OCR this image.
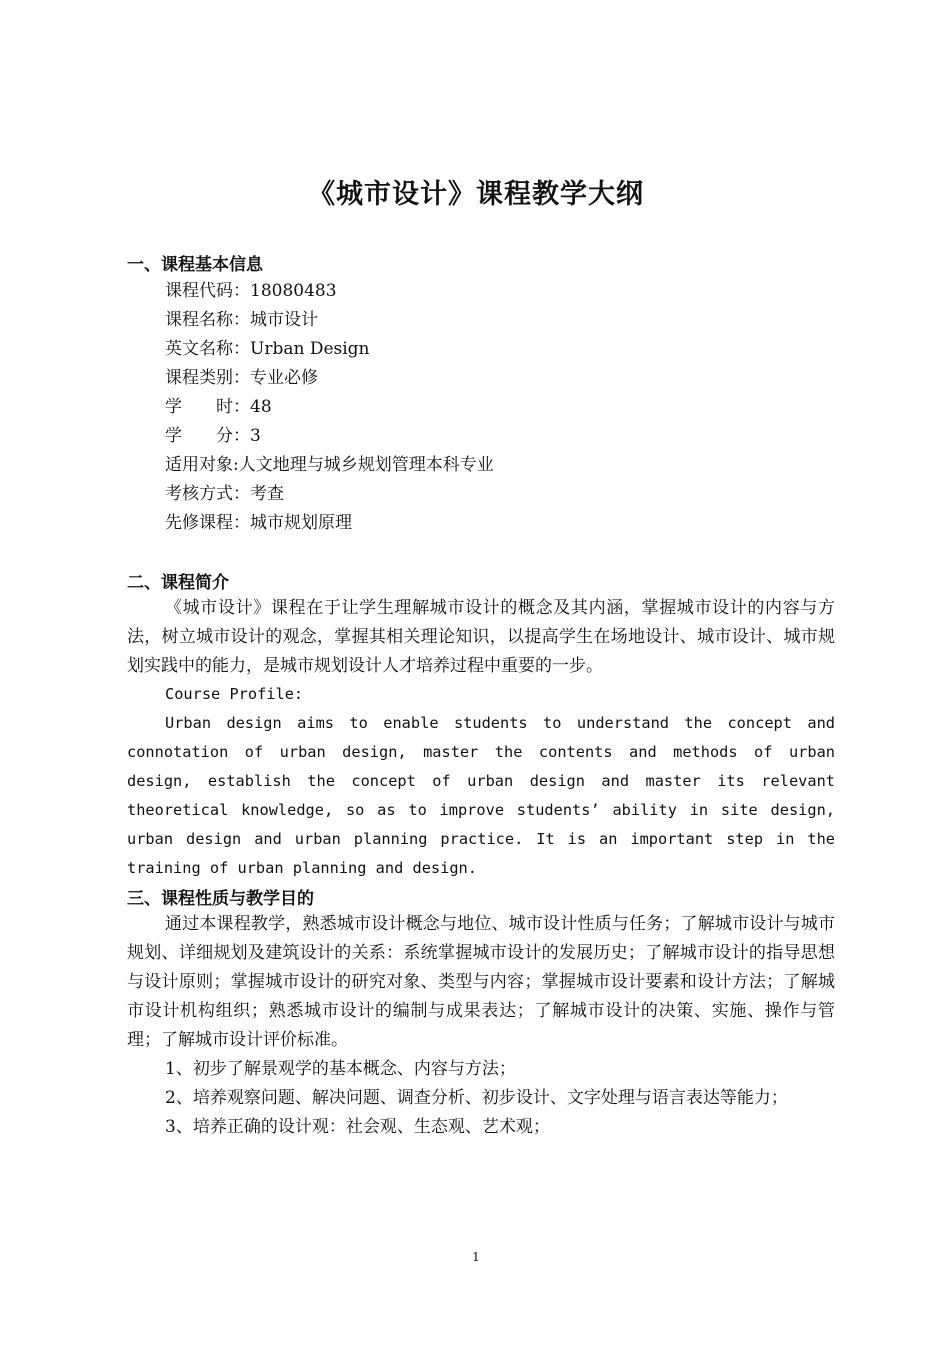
《城市设计》课程教学大纲
一、课程基本信息
课程代码：18080483
课程名称：城市设计
英文名称：Urban Design
课程类别：专业必修
学　　时：48
学　　分：3
适用对象:人文地理与城乡规划管理本科专业
考核方式：考查
先修课程：城市规划原理
二、课程简介

《城市设计》课程在于让学生理解城市设计的概念及其内涵，掌握城市设计的内容与方法，树立城市设计的观念，掌握其相关理论知识，以提高学生在场地设计、城市设计、城市规划实践中的能力，是城市规划设计人才培养过程中重要的一步。

Course Profile:

Urban design aims to enable students to understand the concept and connotation of urban design, master the contents and methods of urban design, establish the concept of urban design and master its relevant theoretical knowledge, so as to improve students’ ability in site design, urban design and urban planning practice. It is an important step in the training of urban planning and design.

三、课程性质与教学目的

通过本课程教学，熟悉城市设计概念与地位、城市设计性质与任务；了解城市设计与城市规划、详细规划及建筑设计的关系：系统掌握城市设计的发展历史；了解城市设计的指导思想与设计原则；掌握城市设计的研究对象、类型与内容；掌握城市设计要素和设计方法；了解城市设计机构组织；熟悉城市设计的编制与成果表达；了解城市设计的决策、实施、操作与管理；了解城市设计评价标准。

1、初步了解景观学的基本概念、内容与方法；

2、培养观察问题、解决问题、调查分析、初步设计、文字处理与语言表达等能力；

3、培养正确的设计观：社会观、生态观、艺术观；

1
